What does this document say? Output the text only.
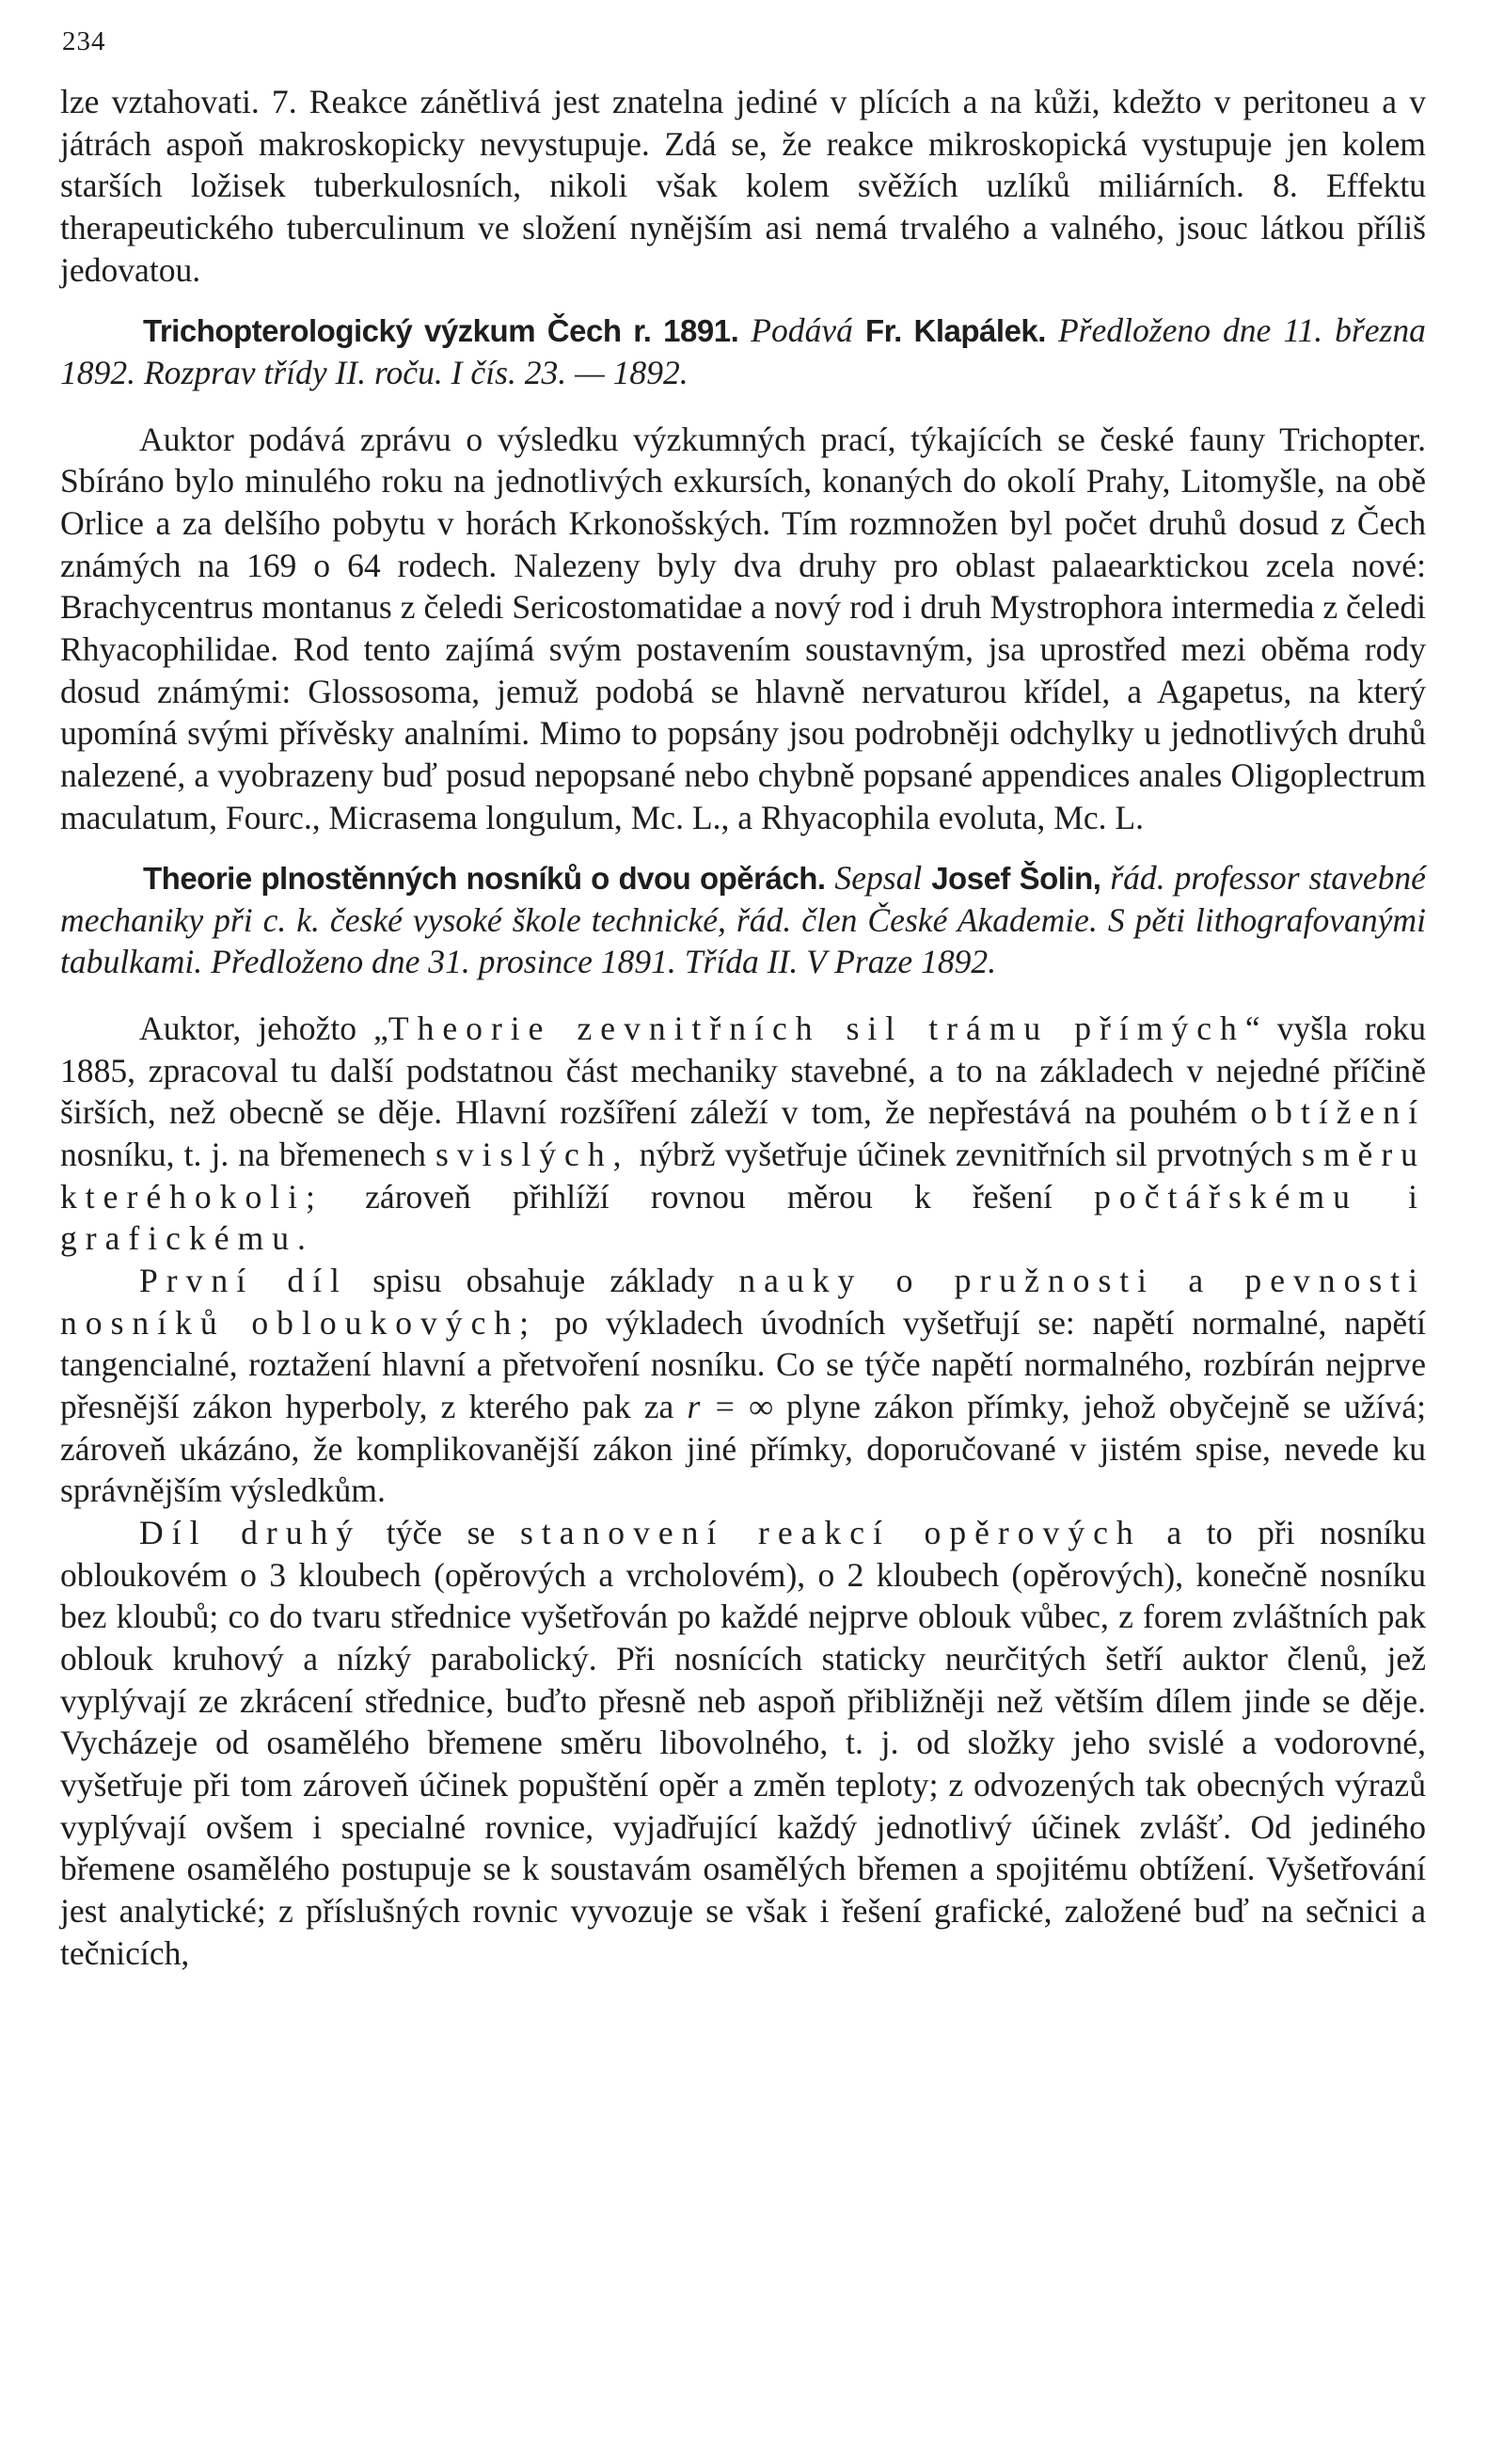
234

lze vztahovati. 7. Reakce zánětlivá jest znatelna jediné v plících a na kůži, kdežto v peritoneu a v játrách aspoň makroskopicky nevystupuje. Zdá se, že reakce mikroskopická vystupuje jen kolem starších ložisek tuberkulosních, nikoli však kolem svěžích uzlíků miliárních. 8. Effektu therapeutického tuberculinum ve složení nynějším asi nemá trvalého a valného, jsouc látkou příliš jedovatou.

Trichopterologický výzkum Čech r. 1891. Podává Fr. Klapálek. Předloženo dne 11. března 1892. Rozprav třídy II. roču. I čís. 23. — 1892.

Auktor podává zprávu o výsledku výzkumných prací, týkajících se české fauny Trichopter. Sbíráno bylo minulého roku na jednotlivých exkursích, konaných do okolí Prahy, Litomyšle, na obě Orlice a za delšího pobytu v horách Krkonošských. Tím rozmnožen byl počet druhů dosud z Čech známých na 169 o 64 rodech. Nalezeny byly dva druhy pro oblast palaearktickou zcela nové: Brachycentrus montanus z čeledi Sericostomatidae a nový rod i druh Mystrophora intermedia z čeledi Rhyacophilidae. Rod tento zajímá svým postavením soustavným, jsa uprostřed mezi oběma rody dosud známými: Glossosoma, jemuž podobá se hlavně nervaturou křídel, a Agapetus, na který upomíná svými přívěsky analními. Mimo to popsány jsou podrobněji odchylky u jednotlivých druhů nalezené, a vyobrazeny buď posud nepopsané nebo chybně popsané appendices anales Oligoplectrum maculatum, Fourc., Micrasema longulum, Mc. L., a Rhyacophila evoluta, Mc. L.

Theorie plnostěnných nosníků o dvou opěrách. Sepsal Josef Šolin, řád. professor stavebné mechaniky při c. k. české vysoké škole technické, řád. člen České Akademie. S pěti lithografovanými tabulkami. Předloženo dne 31. prosince 1891. Třída II. V Praze 1892.

Auktor, jehožto „Theorie zevnitřních sil trámu přímých“ vyšla roku 1885, zpracoval tu další podstatnou část mechaniky stavebné, a to na základech v nejedné příčině širších, než obecně se děje. Hlavní rozšíření záleží v tom, že nepřestává na pouhém obtížení nosníku, t. j. na břemenech svislých, nýbrž vyšetřuje účinek zevnitřních sil prvotných směru kteréhokoli; zároveň přihlíží rovnou měrou k řešení počtářskému i grafickému.

První díl spisu obsahuje základy nauky o pružnosti a pevnosti nosníků obloukových; po výkladech úvodních vyšetřují se: napětí normalné, napětí tangencialné, roztažení hlavní a přetvoření nosníku. Co se týče napětí normalného, rozbírán nejprve přesnější zákon hyperboly, z kterého pak za r = ∞ plyne zákon přímky, jehož obyčejně se užívá; zároveň ukázáno, že komplikovanější zákon jiné přímky, doporučované v jistém spise, nevede ku správnějším výsledkům.

Díl druhý týče se stanovení reakcí opěrových a to při nosníku obloukovém o 3 kloubech (opěrových a vrcholovém), o 2 kloubech (opěrových), konečně nosníku bez kloubů; co do tvaru střednice vyšetřován po každé nejprve oblouk vůbec, z forem zvláštních pak oblouk kruhový a nízký parabolický. Při nosnících staticky neurčitých šetří auktor členů, jež vyplývají ze zkrácení střednice, buďto přesně neb aspoň přibližněji než větším dílem jinde se děje. Vycházeje od osamělého břemene směru libovolného, t. j. od složky jeho svislé a vodorovné, vyšetřuje při tom zároveň účinek popuštění opěr a změn teploty; z odvozených tak obecných výrazů vyplývají ovšem i specialné rovnice, vyjadřující každý jednotlivý účinek zvlášť. Od jediného břemene osamělého postupuje se k soustavám osamělých břemen a spojitému obtížení. Vyšetřování jest analytické; z příslušných rovnic vyvozuje se však i řešení grafické, založené buď na sečnici a tečnicích,
